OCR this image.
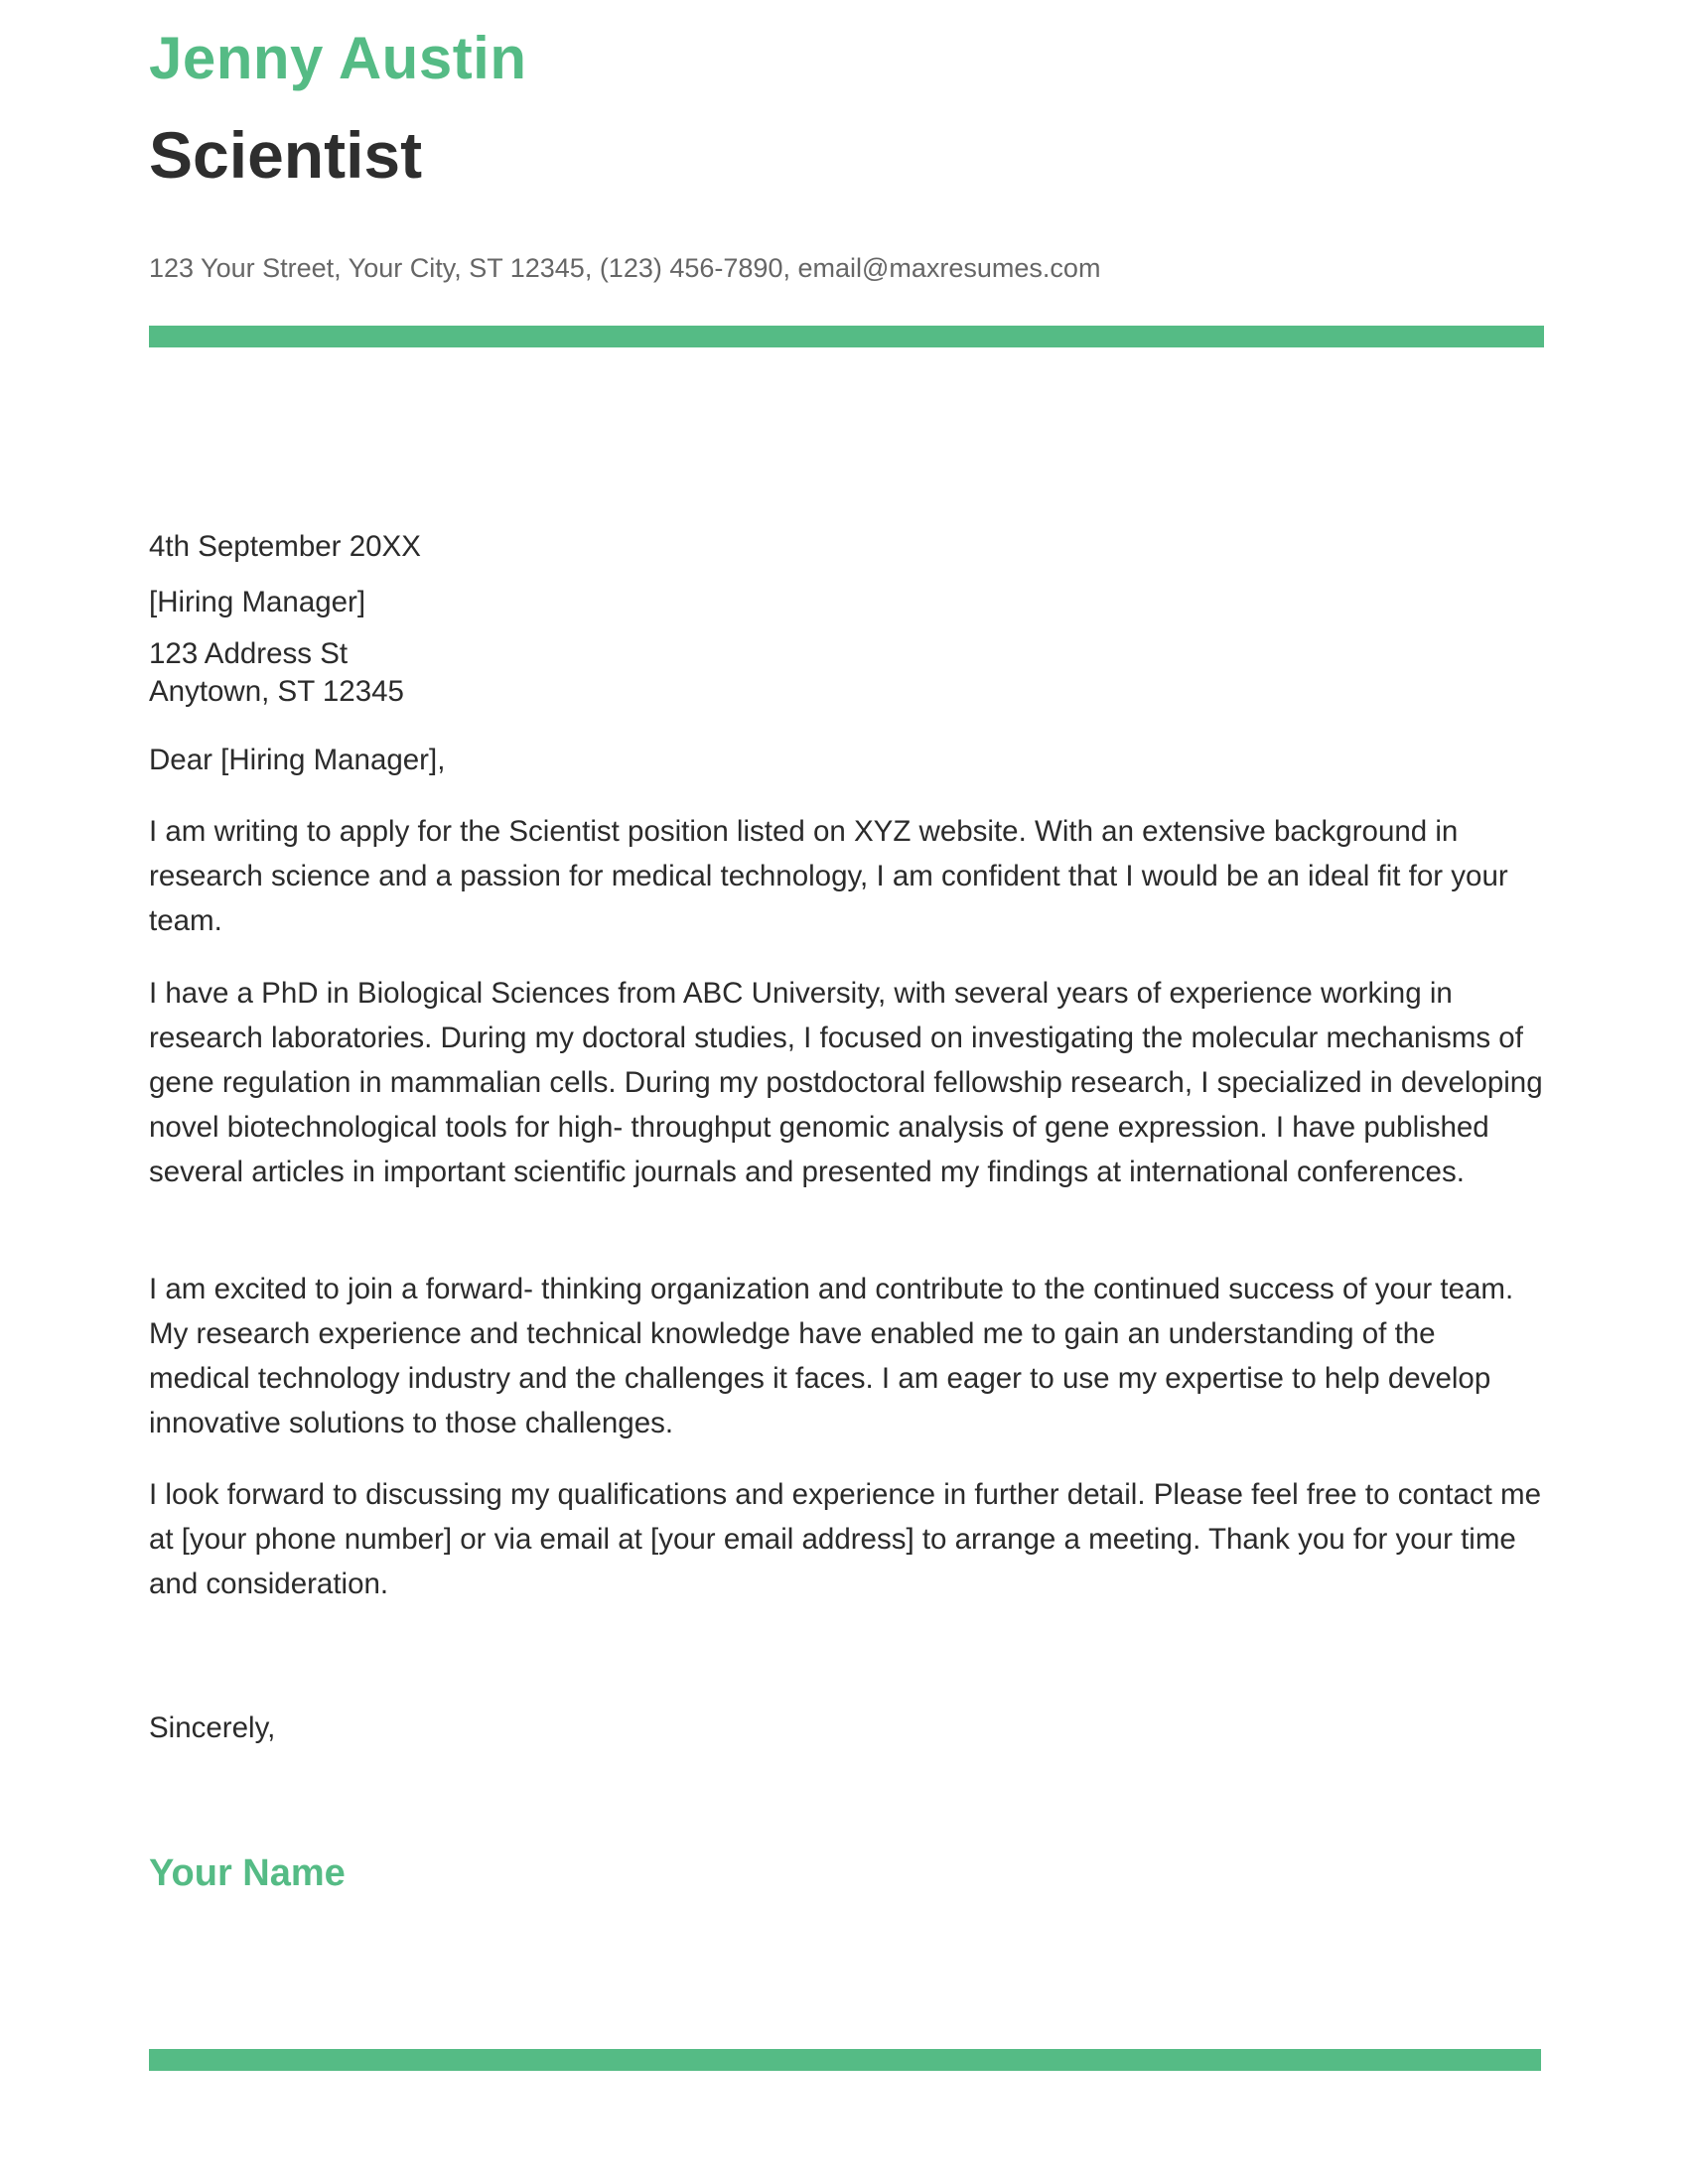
Jenny Austin
Scientist

123 Your Street, Your City, ST 12345, (123) 456-7890, email@maxresumes.com

4th September 20XX

[Hiring Manager]

123 Address St
Anytown, ST 12345

Dear [Hiring Manager],

I am writing to apply for the Scientist position listed on XYZ website. With an extensive background in research science and a passion for medical technology, I am confident that I would be an ideal fit for your team.

I have a PhD in Biological Sciences from ABC University, with several years of experience working in research laboratories. During my doctoral studies, I focused on investigating the molecular mechanisms of gene regulation in mammalian cells. During my postdoctoral fellowship research, I specialized in developing novel biotechnological tools for high- throughput genomic analysis of gene expression. I have published several articles in important scientific journals and presented my findings at international conferences.

I am excited to join a forward- thinking organization and contribute to the continued success of your team. My research experience and technical knowledge have enabled me to gain an understanding of the medical technology industry and the challenges it faces. I am eager to use my expertise to help develop innovative solutions to those challenges.

I look forward to discussing my qualifications and experience in further detail. Please feel free to contact me at [your phone number] or via email at [your email address] to arrange a meeting. Thank you for your time and consideration.

Sincerely,

Your Name
